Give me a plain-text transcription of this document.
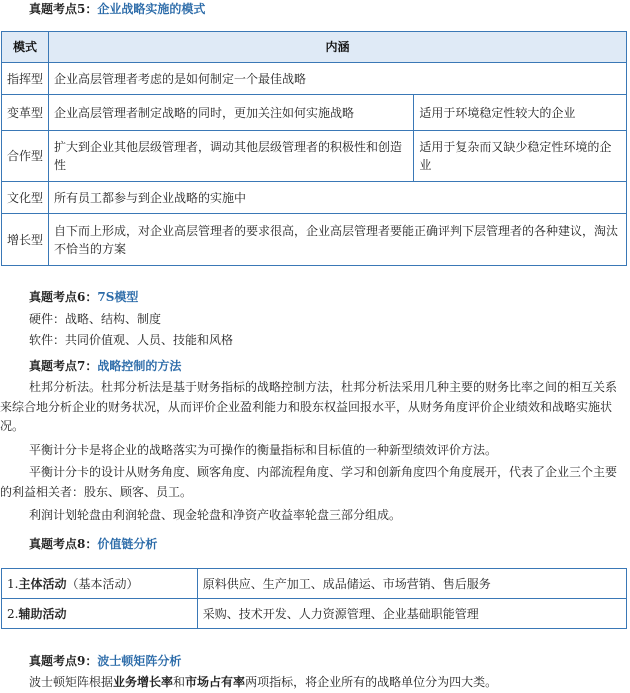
真题考点5：企业战略实施的模式
模式	内涵	
指挥型	企业高层管理者考虑的是如何制定一个最佳战略	
变革型	企业高层管理者制定战略的同时，更加关注如何实施战略	适用于环境稳定性较大的企业
合作型	扩大到企业其他层级管理者，调动其他层级管理者的积极性和创造性	适用于复杂而又缺少稳定性环境的企业
文化型	所有员工都参与到企业战略的实施中	
增长型	自下而上形成，对企业高层管理者的要求很高，企业高层管理者要能正确评判下层管理者的各种建议，淘汰不恰当的方案	
真题考点6：7S模型
硬件：战略、结构、制度
软件：共同价值观、人员、技能和风格
真题考点7：战略控制的方法
杜邦分析法。杜邦分析法是基于财务指标的战略控制方法，杜邦分析法采用几种主要的财务比率之间的相互关系来综合地分析企业的财务状况，从而评价企业盈利能力和股东权益回报水平，从财务角度评价企业绩效和战略实施状况。
平衡计分卡是将企业的战略落实为可操作的衡量指标和目标值的一种新型绩效评价方法。
平衡计分卡的设计从财务角度、顾客角度、内部流程角度、学习和创新角度四个角度展开，代表了企业三个主要的利益相关者：股东、顾客、员工。
利润计划轮盘由利润轮盘、现金轮盘和净资产收益率轮盘三部分组成。
真题考点8：价值链分析
1.主体活动（基本活动）	原料供应、生产加工、成品储运、市场营销、售后服务
2.辅助活动	采购、技术开发、人力资源管理、企业基础职能管理
真题考点9：波士顿矩阵分析
波士顿矩阵根据业务增长率和市场占有率两项指标，将企业所有的战略单位分为四大类。
